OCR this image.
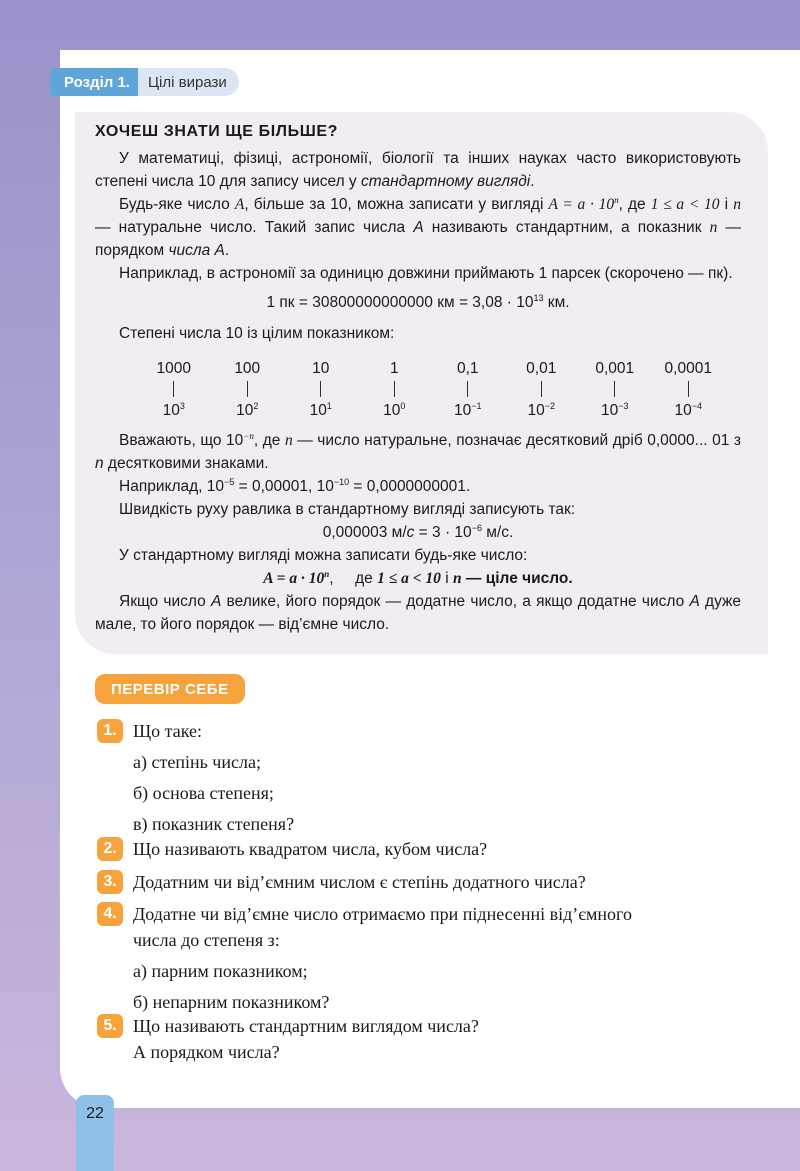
Розділ 1.	Цілі вирази
ХОЧЕШ ЗНАТИ ЩЕ БІЛЬШЕ?

У математиці, фізиці, астрономії, біології та інших науках часто використовують степені числа 10 для запису чисел у стандартному вигляді.

Будь-яке число A, більше за 10, можна записати у вигляді $A = a \cdot 10^n$, де 1 ≤ a < 10 і n — натуральне число. Такий запис числа A називають стандартним, а показник n — порядком числа A.

Наприклад, в астрономії за одиницю довжини приймають 1 парсек (скорочено — пк).

1 пк = 30800000000000 км = $3,08 \cdot 10^{13}$ км.

Степені числа 10 із цілим показником:

1000
$10^3$
100
$10^2$
10
$10^1$
1
$10^0$
0,1
$10^{-1}$
0,01
$10^{-2}$
0,001
$10^{-3}$
0,0001
$10^{-4}$

Вважають, що $10^{-n}$, де n — число натуральне, позначає десятковий дріб 0,0000... 01 з n десятковими знаками.

Наприклад, $10^{-5} = 0,00001$, $10^{-10} = 0,0000000001$.

Швидкість руху равлика в стандартному вигляді записують так:

0,000003 $м/с = 3 \cdot 10^{-6}$ м/с.

У стандартному вигляді можна записати будь-яке число:

$A = a \cdot 10^n$,     де 1 ≤ a < 10 і n — ціле число.

Якщо число А велике, його порядок — додатне число, а якщо додатне число А дуже мале, то його порядок — від’ємне число.

ПЕРЕВІР СЕБЕ
1. Що таке:
а) степінь числа;
б) основа степеня;
в) показник степеня?
2. Що називають квадратом числа, кубом числа?
3. Додатним чи від’ємним числом є степінь додатного числа?
4. Додатне чи від’ємне число отримаємо при піднесенні від’ємного
числа до степеня з:
а) парним показником;
б) непарним показником?
5. Що називають стандартним виглядом числа?
А порядком числа?
22
